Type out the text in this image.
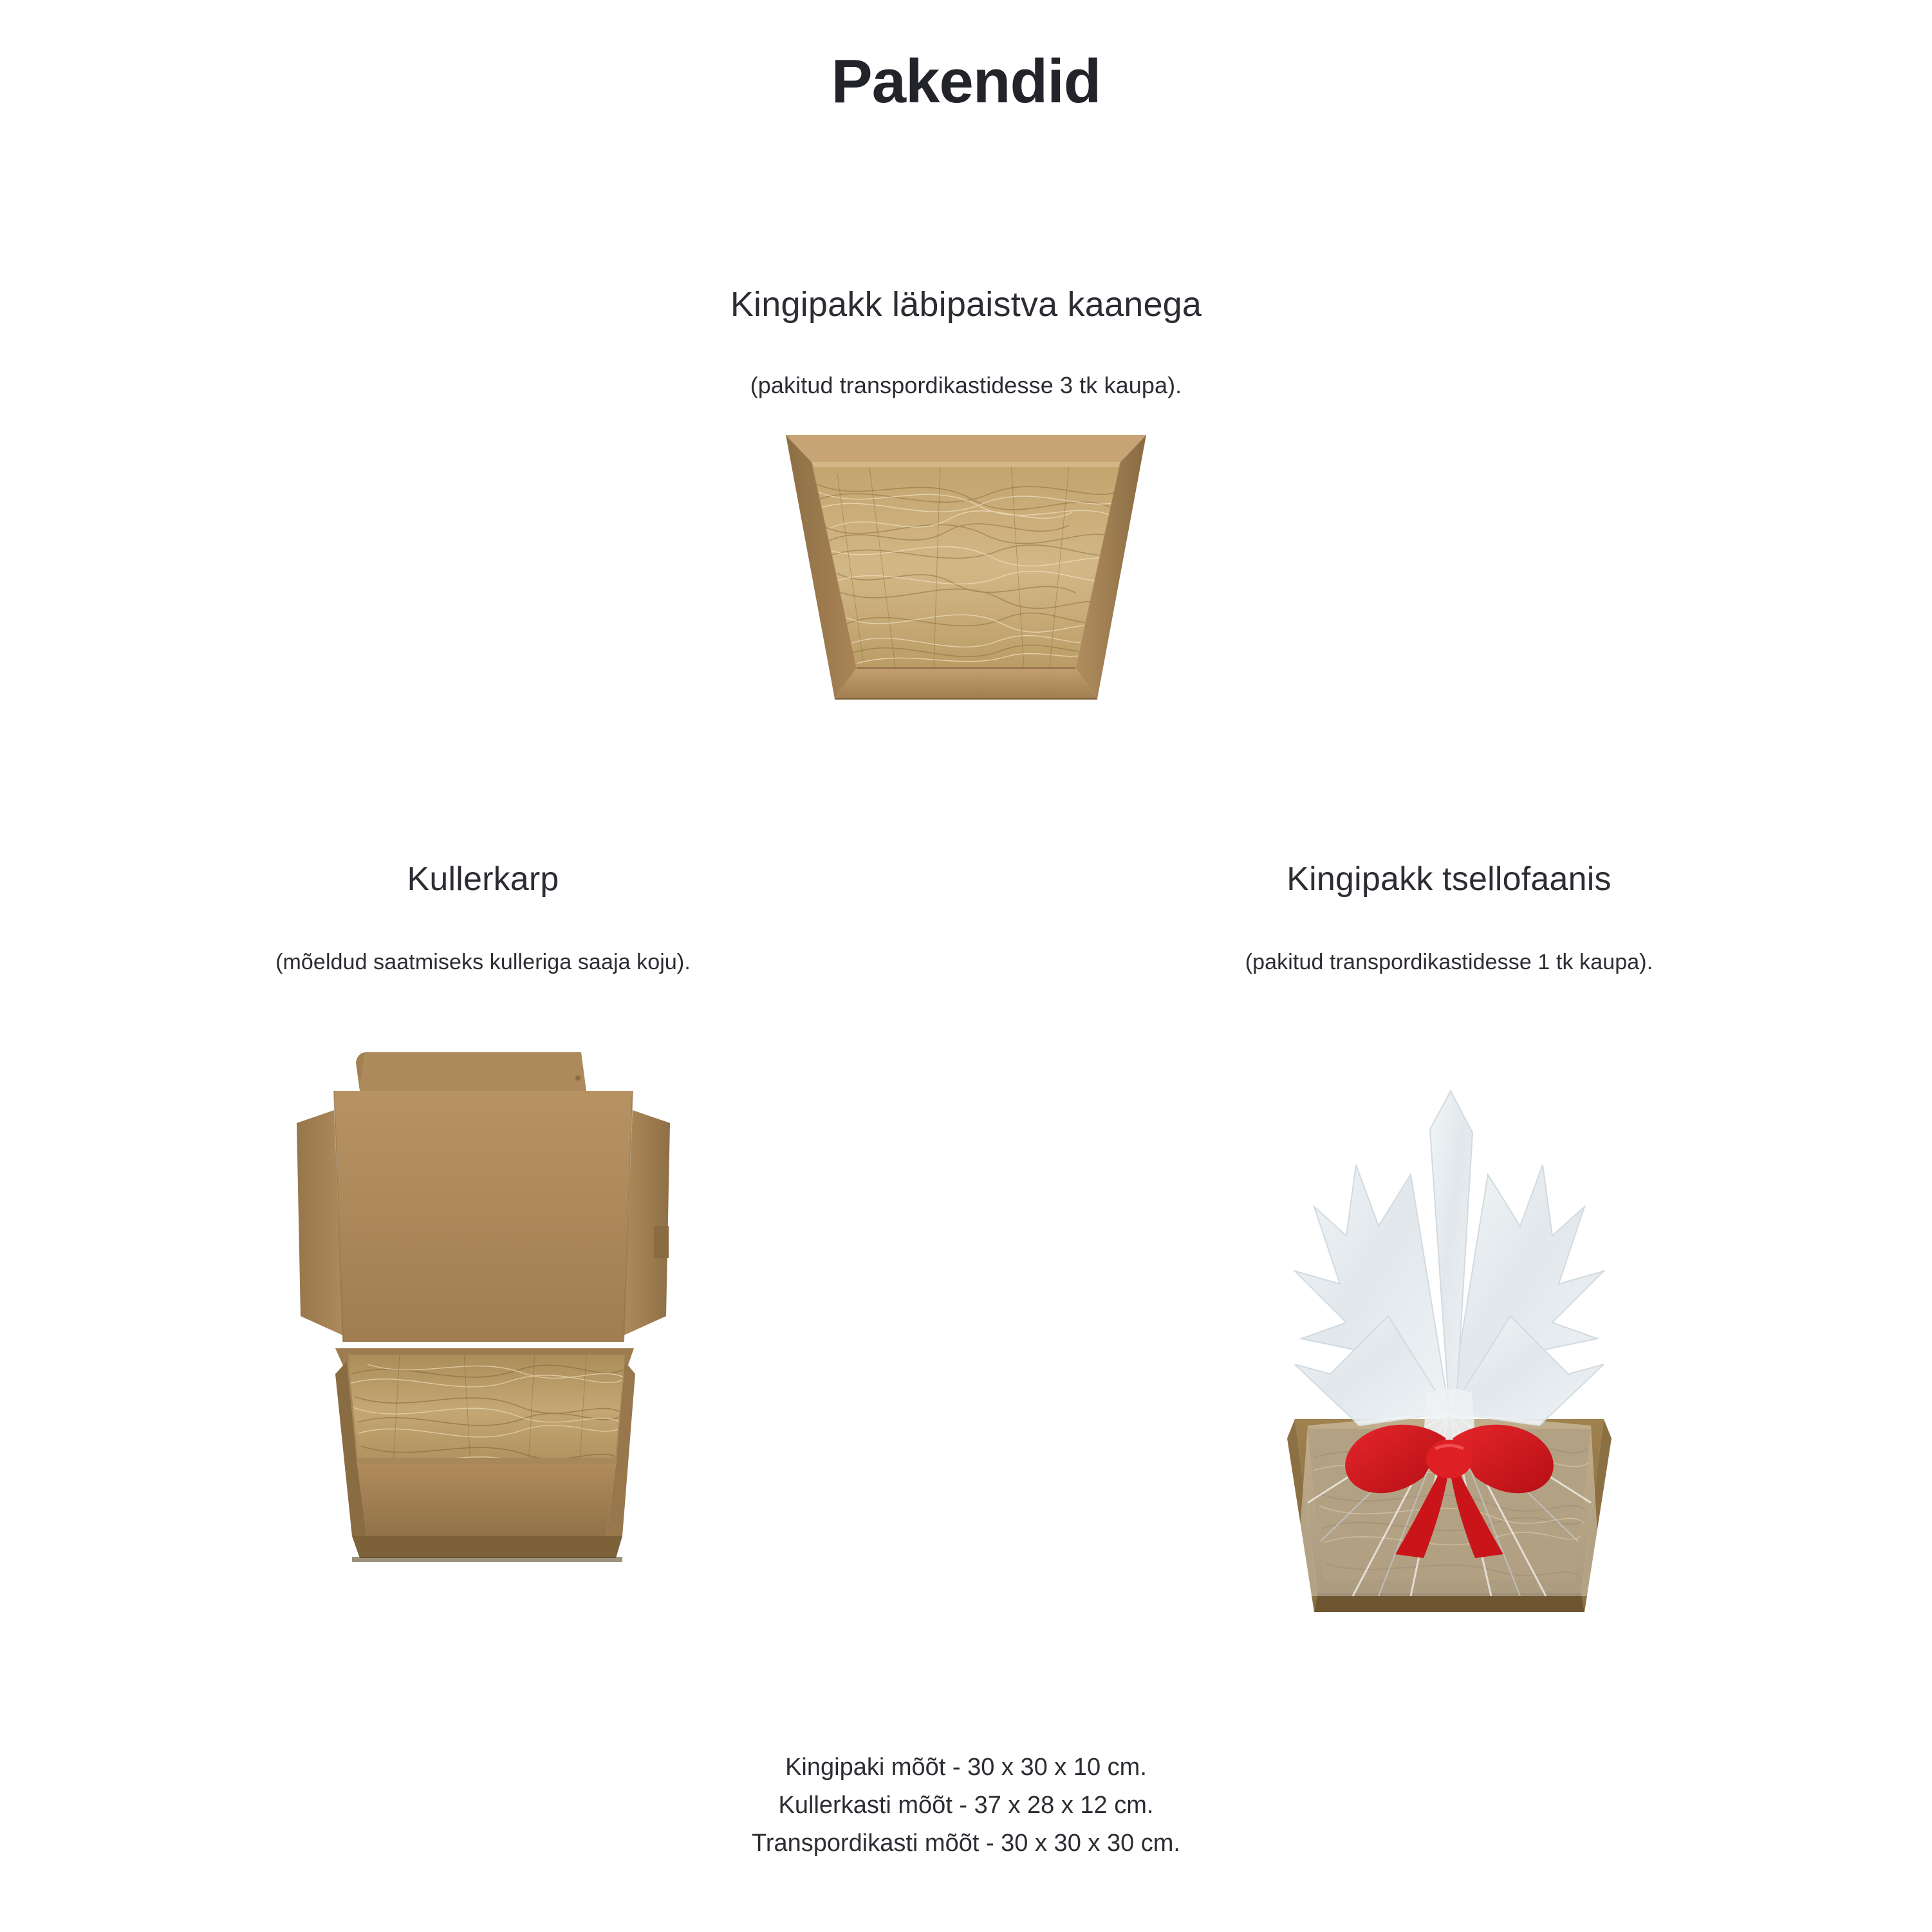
Pakendid
Kingipakk läbipaistva kaanega
(pakitud transpordikastidesse 3 tk kaupa).
Kullerkarp
(mõeldud saatmiseks kulleriga saaja koju).
Kingipakk tsellofaanis
(pakitud transpordikastidesse 1 tk kaupa).
Kingipaki mõõt - 30 x 30 x 10 cm.
Kullerkasti mõõt - 37 x 28 x 12 cm.
Transpordikasti mõõt - 30 x 30 x 30 cm.
